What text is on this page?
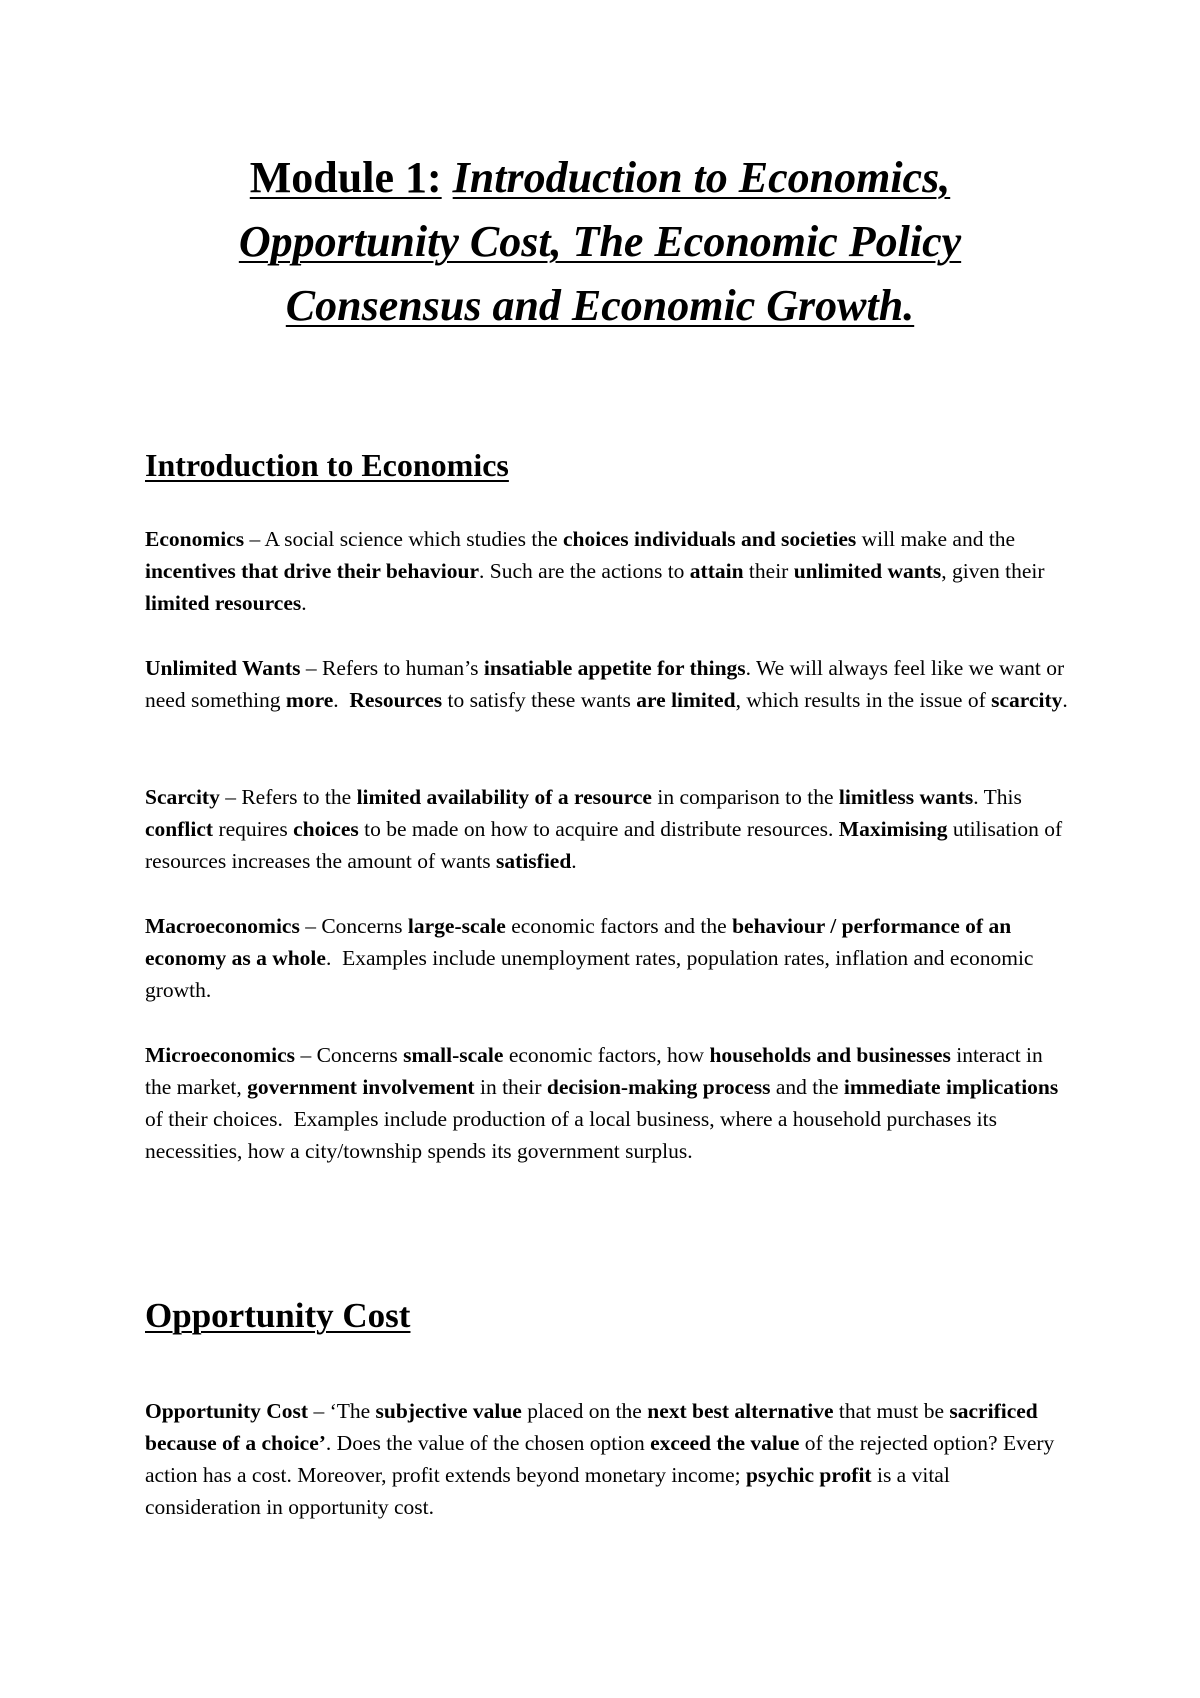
Module 1: Introduction to Economics,
Opportunity Cost, The Economic Policy
Consensus and Economic Growth.
Introduction to Economics

Economics – A social science which studies the choices individuals and societies will make and the incentives that drive their behaviour. Such are the actions to attain their unlimited wants, given their limited resources.

Unlimited Wants – Refers to human’s insatiable appetite for things. We will always feel like we want or need something more.  Resources to satisfy these wants are limited, which results in the issue of scarcity.

Scarcity – Refers to the limited availability of a resource in comparison to the limitless wants. This conflict requires choices to be made on how to acquire and distribute resources. Maximising utilisation of resources increases the amount of wants satisfied.

Macroeconomics – Concerns large-scale economic factors and the behaviour / performance of an economy as a whole.  Examples include unemployment rates, population rates, inflation and economic growth.

Microeconomics – Concerns small-scale economic factors, how households and businesses interact in the market, government involvement in their decision-making process and the immediate implications of their choices.  Examples include production of a local business, where a household purchases its necessities, how a city/township spends its government surplus.

Opportunity Cost

Opportunity Cost – ‘The subjective value placed on the next best alternative that must be sacrificed because of a choice’. Does the value of the chosen option exceed the value of the rejected option? Every action has a cost. Moreover, profit extends beyond monetary income; psychic profit is a vital consideration in opportunity cost.
